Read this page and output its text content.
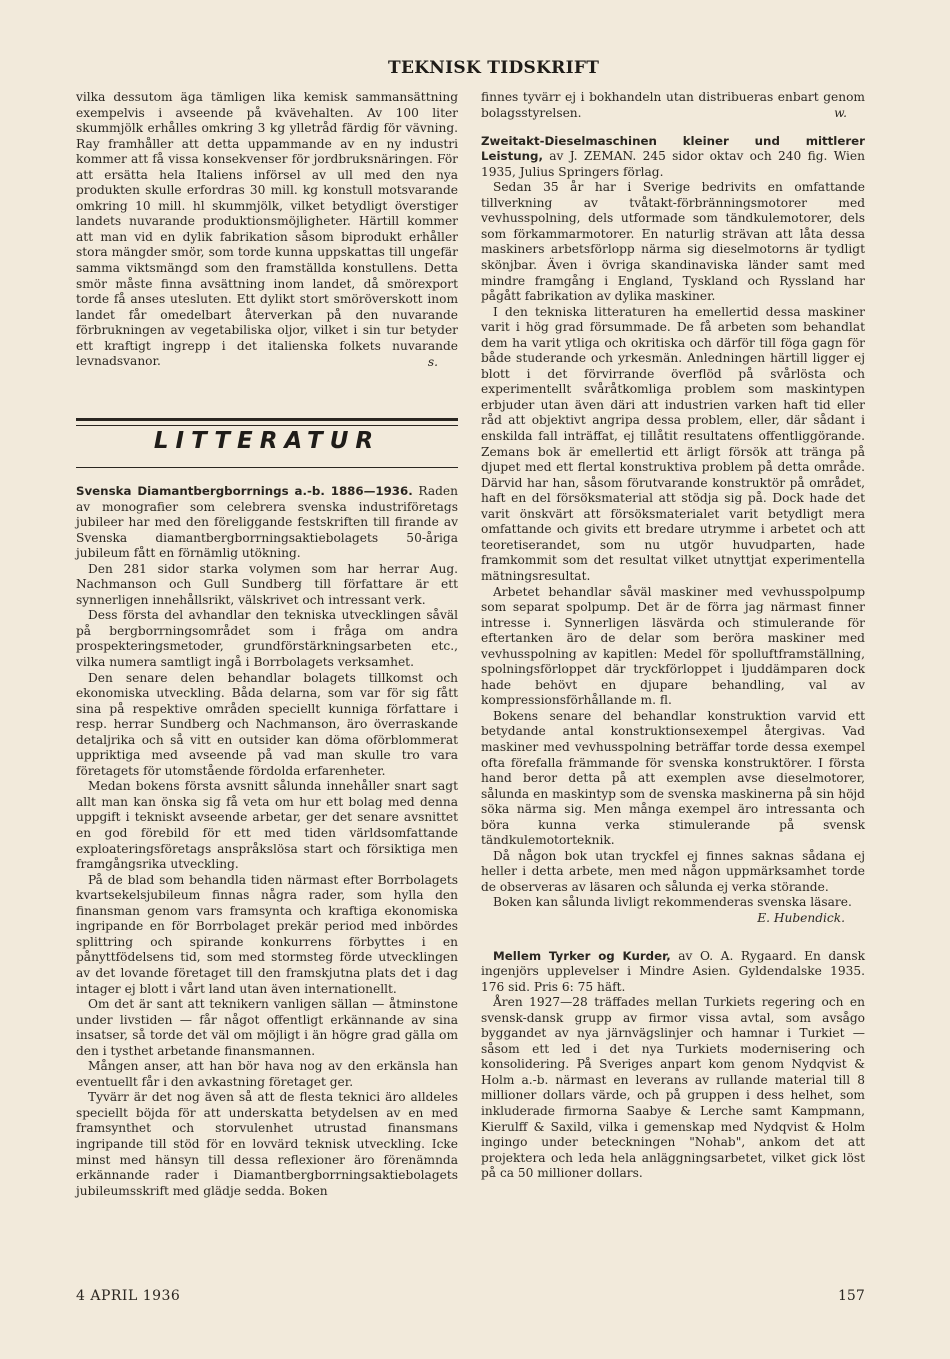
TEKNISK TIDSKRIFT

vilka dessutom äga tämligen lika kemisk sammansättning exempelvis i avseende på kvävehalten. Av 100 liter skummjölk erhålles omkring 3 kg ylletråd färdig för vävning. Ray framhåller att detta uppammande av en ny industri kommer att få vissa konsekvenser för jordbruksnäringen. För att ersätta hela Italiens införsel av ull med den nya produkten skulle erfordras 30 mill. kg konstull motsvarande omkring 10 mill. hl skummjölk, vilket betydligt överstiger landets nuvarande produktionsmöjligheter. Härtill kommer att man vid en dylik fabrikation såsom biprodukt erhåller stora mängder smör, som torde kunna uppskattas till ungefär samma viktsmängd som den framställda konstullens. Detta smör måste finna avsättning inom landet, då smörexport torde få anses utesluten. Ett dylikt stort smöröverskott inom landet får omedelbart återverkan på den nuvarande förbrukningen av vegetabiliska oljor, vilket i sin tur betyder ett kraftigt ingrepp i det italienska folkets nuvarande levnadsvanor.	s.
LITTERATUR

Svenska Diamantbergborrnings a.-b. 1886—1936. Raden av monografier som celebrera svenska industriföretags jubileer har med den föreliggande festskriften till firande av Svenska diamantbergborrningsaktiebolagets 50-åriga jubileum fått en förnämlig utökning.

Den 281 sidor starka volymen som har herrar Aug. Nachmanson och Gull Sundberg till författare är ett synnerligen innehållsrikt, välskrivet och intressant verk.

Dess första del avhandlar den tekniska utvecklingen såväl på bergborrningsområdet som i fråga om andra prospekteringsmetoder, grundförstärkningsarbeten etc., vilka numera samtligt ingå i Borrbolagets verksamhet.

Den senare delen behandlar bolagets tillkomst och ekonomiska utveckling. Båda delarna, som var för sig fått sina på respektive områden speciellt kunniga författare i resp. herrar Sundberg och Nachmanson, äro överraskande detaljrika och så vitt en outsider kan döma oförblommerat uppriktiga med avseende på vad man skulle tro vara företagets för utomstående fördolda erfarenheter.

Medan bokens första avsnitt sålunda innehåller snart sagt allt man kan önska sig få veta om hur ett bolag med denna uppgift i tekniskt avseende arbetar, ger det senare avsnittet en god förebild för ett med tiden världsomfattande exploateringsföretags anspråkslösa start och försiktiga men framgångsrika utveckling.

På de blad som behandla tiden närmast efter Borrbolagets kvartsekelsjubileum finnas några rader, som hylla den finansman genom vars framsynta och kraftiga ekonomiska ingripande en för Borrbolaget prekär period med inbördes splittring och spirande konkurrens förbyttes i en pånyttfödelsens tid, som med stormsteg förde utvecklingen av det lovande företaget till den framskjutna plats det i dag intager ej blott i vårt land utan även internationellt.

Om det är sant att teknikern vanligen sällan — åtminstone under livstiden — får något offentligt erkännande av sina insatser, så torde det väl om möjligt i än högre grad gälla om den i tysthet arbetande finansmannen.

Mången anser, att han bör hava nog av den erkänsla han eventuellt får i den avkastning företaget ger.

Tyvärr är det nog även så att de flesta teknici äro alldeles speciellt böjda för att underskatta betydelsen av en med framsynthet och storvulenhet utrustad finansmans ingripande till stöd för en lovvärd teknisk utveckling. Icke minst med hänsyn till dessa reflexioner äro förenämnda erkännande rader i Diamantbergborrningsaktiebolagets jubileumsskrift med glädje sedda. Boken

finnes tyvärr ej i bokhandeln utan distribueras enbart genom bolagsstyrelsen.	w.

Zweitakt-Dieselmaschinen kleiner und mittlerer Leistung, av J. ZEMAN. 245 sidor oktav och 240 fig. Wien 1935, Julius Springers förlag.

Sedan 35 år har i Sverige bedrivits en omfattande tillverkning av tvåtakt-förbränningsmotorer med vevhusspolning, dels utformade som tändkulemotorer, dels som förkammarmotorer. En naturlig strävan att låta dessa maskiners arbetsförlopp närma sig dieselmotorns är tydligt skönjbar. Även i övriga skandinaviska länder samt med mindre framgång i England, Tyskland och Ryssland har pågått fabrikation av dylika maskiner.

I den tekniska litteraturen ha emellertid dessa maskiner varit i hög grad försummade. De få arbeten som behandlat dem ha varit ytliga och okritiska och därför till föga gagn för både studerande och yrkesmän. Anledningen härtill ligger ej blott i det förvirrande överflöd på svårlösta och experimentellt svåråtkomliga problem som maskintypen erbjuder utan även däri att industrien varken haft tid eller råd att objektivt angripa dessa problem, eller, där sådant i enskilda fall inträffat, ej tillåtit resultatens offentliggörande. Zemans bok är emellertid ett ärligt försök att tränga på djupet med ett flertal konstruktiva problem på detta område. Därvid har han, såsom förutvarande konstruktör på området, haft en del försöksmaterial att stödja sig på. Dock hade det varit önskvärt att försöksmaterialet varit betydligt mera omfattande och givits ett bredare utrymme i arbetet och att teoretiserandet, som nu utgör huvudparten, hade framkommit som det resultat vilket utnyttjat experimentella mätningsresultat.

Arbetet behandlar såväl maskiner med vevhusspolpump som separat spolpump. Det är de förra jag närmast finner intresse i. Synnerligen läsvärda och stimulerande för eftertanken äro de delar som beröra maskiner med vevhusspolning av kapitlen: Medel för spolluftframställning, spolningsförloppet där tryckförloppet i ljuddämparen dock hade behövt en djupare behandling, val av kompressionsförhållande m. fl.

Bokens senare del behandlar konstruktion varvid ett betydande antal konstruktionsexempel återgivas. Vad maskiner med vevhusspolning beträffar torde dessa exempel ofta förefalla främmande för svenska konstruktörer. I första hand beror detta på att exemplen avse dieselmotorer, sålunda en maskintyp som de svenska maskinerna på sin höjd söka närma sig. Men många exempel äro intressanta och böra kunna verka stimulerande på svensk tändkulemotorteknik.

Då någon bok utan tryckfel ej finnes saknas sådana ej heller i detta arbete, men med någon uppmärksamhet torde de observeras av läsaren och sålunda ej verka störande.

Boken kan sålunda livligt rekommenderas svenska läsare.
E. Hubendick.

Mellem Tyrker og Kurder, av O. A. Rygaard. En dansk ingenjörs upplevelser i Mindre Asien. Gyldendalske 1935. 176 sid. Pris 6: 75 häft.

Åren 1927—28 träffades mellan Turkiets regering och en svensk-dansk grupp av firmor vissa avtal, som avsågo byggandet av nya järnvägslinjer och hamnar i Turkiet — såsom ett led i det nya Turkiets modernisering och konsolidering. På Sveriges anpart kom genom Nydqvist & Holm a.-b. närmast en leverans av rullande material till 8 millioner dollars värde, och på gruppen i dess helhet, som inkluderade firmorna Saabye & Lerche samt Kampmann, Kierulff & Saxild, vilka i gemenskap med Nydqvist & Holm ingingo under beteckningen "Nohab", ankom det att projektera och leda hela anläggningsarbetet, vilket gick löst på ca 50 millioner dollars.

4 APRIL 1936	157
